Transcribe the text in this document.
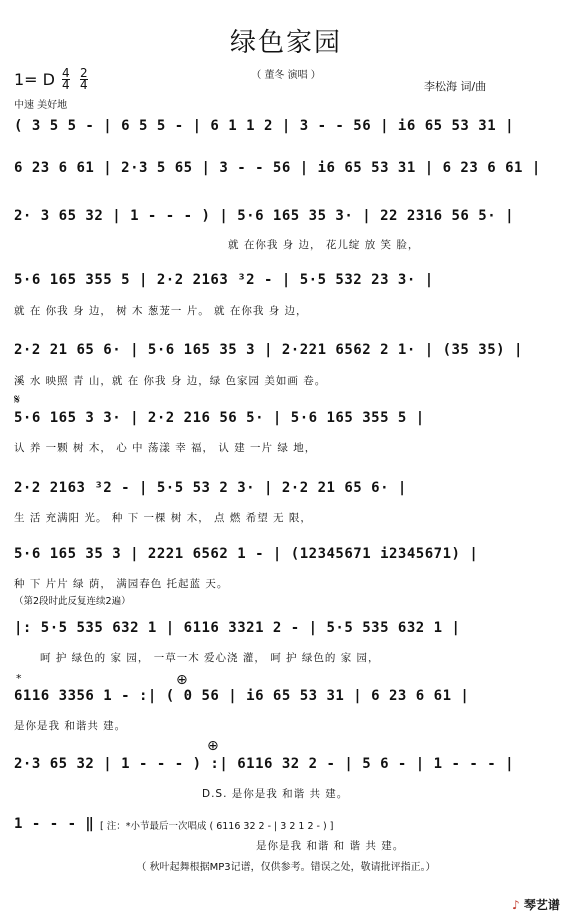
绿色家园
（ 董冬 演唱 ）
1= D $\frac{4}{4} \frac{2}{4}$
中速 美好地
李松海 词/曲
( 3 5 5 - | 6 5 5 - | 6 1 1 2 | 3 - - 56 | i6 65 53 31 |
6 23 6 61 | 2·3 5 65 | 3 - - 56 | i6 65 53 31 | 6 23 6 61 |
2· 3 65 32 | 1 - - - ) | 5·6 165 35 3· | 22 2316 56 5· |
就 在你我 身 边， 花儿绽 放 笑 脸，
5·6 165 355 5 | 2·2 2163 ³2 - | 5·5 532 23 3· |
就 在 你我 身 边， 树 木 葱茏一 片。 就 在你我 身 边，
2·2 21 65 6· | 5·6 165 35 3 | 2·221 6562 2 1· | (35 35) |
溪 水 映照 青 山，就 在 你我 身 边，绿 色家园 美如画 卷。
𝄋
5·6 165 3 3· | 2·2 216 56 5· | 5·6 165 355 5 |
认 养 一颗 树 木， 心 中 荡漾 幸 福， 认 建 一片 绿 地，
2·2 2163 ³2 - | 5·5 53 2 3· | 2·2 21 65 6· |
生 活 充满阳 光。 种 下 一棵 树 木， 点 燃 希望 无 限，
5·6 165 35 3 | 2221 6562 1 - | (12345671 i2345671) |
种 下 片片 绿 荫， 满园春色 托起蓝 天。
（第2段时此反复连续2遍）
|: 5·5 535 632 1 | 6116 3321 2 - | 5·5 535 632 1 |
呵 护 绿色的 家 园， 一草一木 爱心浇 灌， 呵 护 绿色的 家 园，
*	⊕
6116 3356 1 - :| ( 0 56 | i6 65 53 31 | 6 23 6 61 |
是你是我 和谐共 建。
⊕
2·3 65 32 | 1 - - - ) :| 6116 32 2 - | 5 6 - | 1 - - - |
D.S. 是你是我 和谐 共 建。
1 - - - ‖ [ 注：*小节最后一次唱成 ( 6116 32 2 - | 3 2 1 2 - ) ]
是你是我 和谐 和 谐 共 建。
（ 秋叶起舞根据MP3记谱，仅供参考。错误之处，敬请批评指正。）
♪ 琴艺谱
